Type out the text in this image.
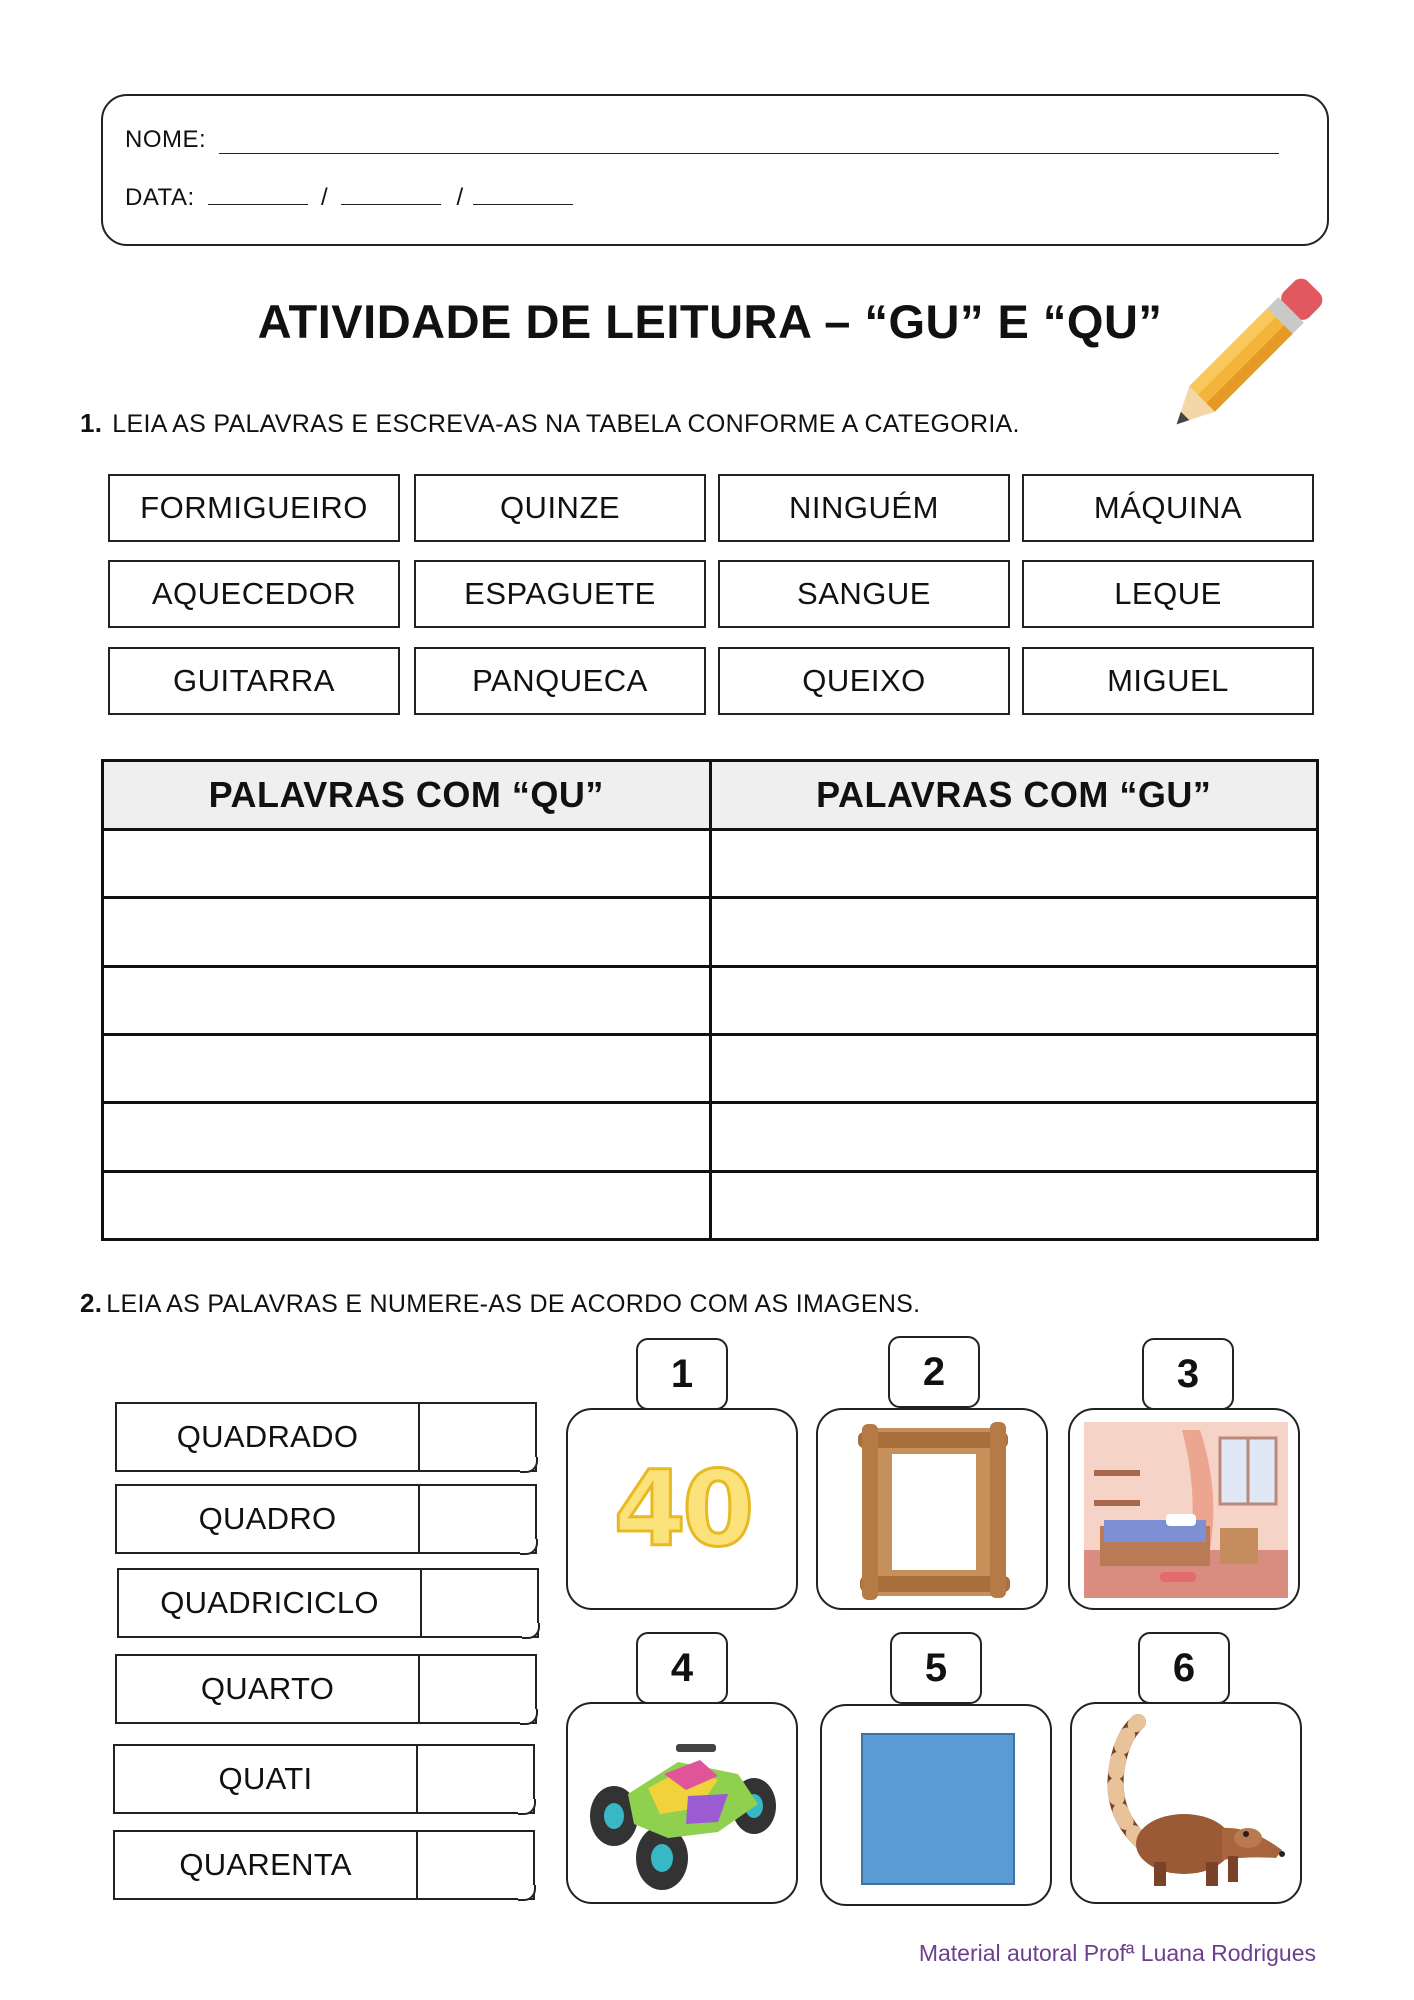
NOME:
DATA:	/	/
ATIVIDADE DE LEITURA – “GU” E “QU”
1. LEIA AS PALAVRAS E ESCREVA-AS NA TABELA CONFORME A CATEGORIA.
FORMIGUEIRO	QUINZE	NINGUÉM	MÁQUINA
AQUECEDOR	ESPAGUETE	SANGUE	LEQUE
GUITARRA	PANQUECA	QUEIXO	MIGUEL
PALAVRAS COM “QU”	PALAVRAS COM “GU”

2. LEIA AS PALAVRAS E NUMERE-AS DE ACORDO COM AS IMAGENS.
QUADRADO
QUADRO
QUADRICICLO
QUARTO
QUATI
QUARENTA
1	2	3
4	5	6
40
Material autoral Profª Luana Rodrigues
